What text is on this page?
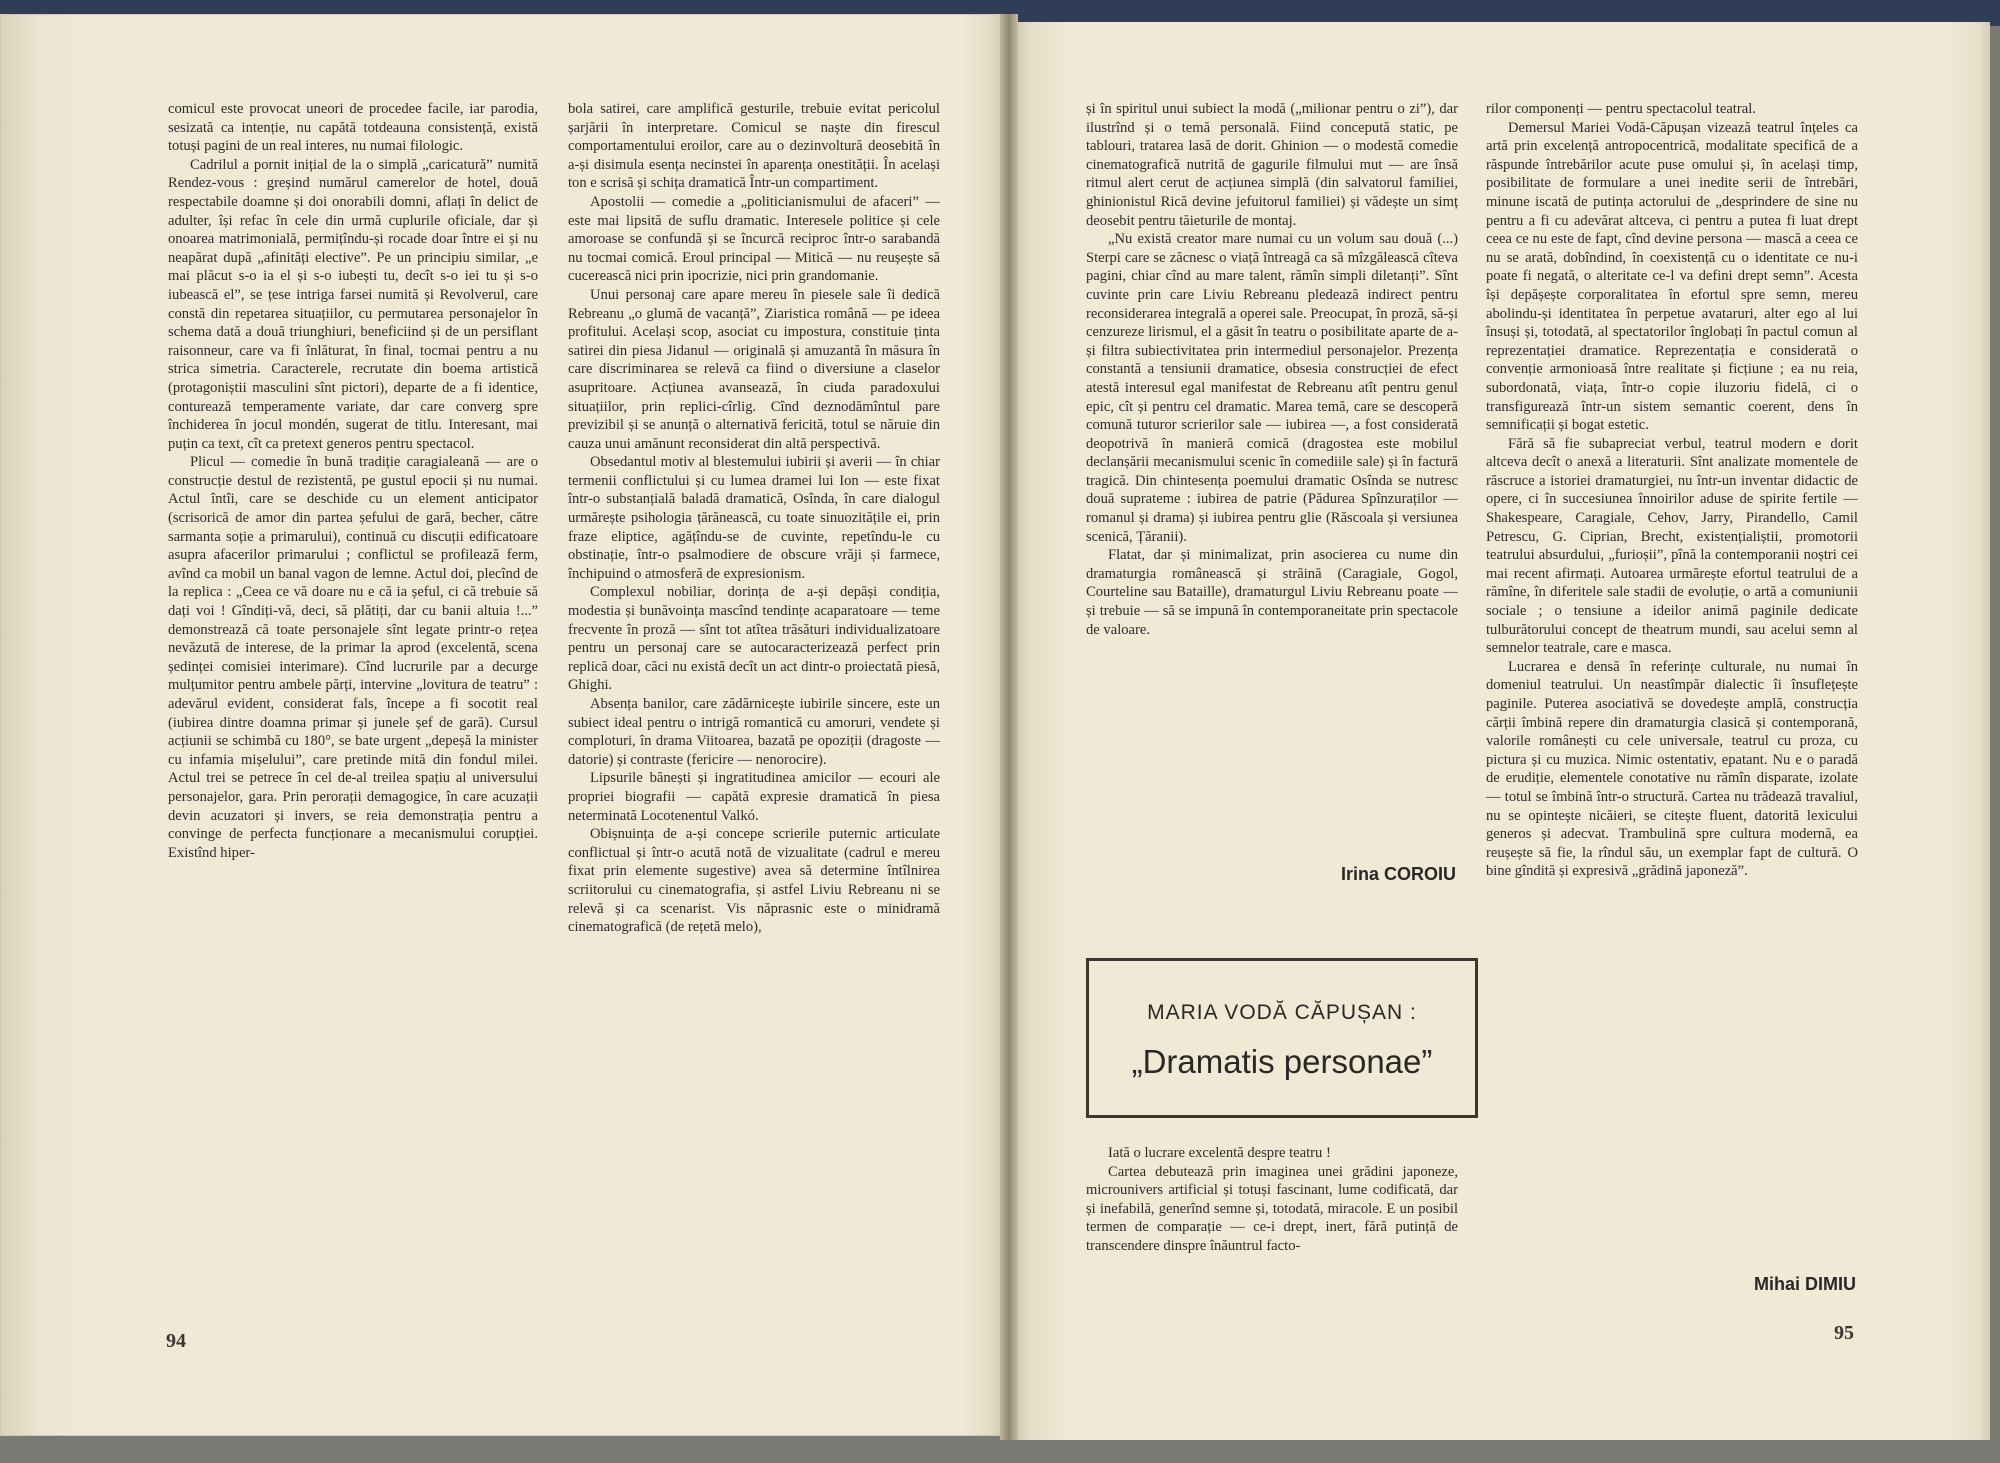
comicul este provocat uneori de procedee facile, iar parodia, sesizată ca intenție, nu capătă totdeauna consistență, există totuși pagini de un real interes, nu numai filologic.

Cadrilul a pornit inițial de la o simplă „caricatură” numită Rendez-vous : greșind numărul camerelor de hotel, două respectabile doamne și doi onorabili domni, aflați în delict de adulter, își refac în cele din urmă cuplurile oficiale, dar și onoarea matrimonială, permițîndu-și rocade doar între ei și nu neapărat după „afinități elective”. Pe un principiu similar, „e mai plăcut s-o ia el și s-o iubești tu, decît s-o iei tu și s-o iubească el”, se țese intriga farsei numită și Revolverul, care constă din repetarea situațiilor, cu permutarea personajelor în schema dată a două triunghiuri, beneficiind și de un persiflant raisonneur, care va fi înlăturat, în final, tocmai pentru a nu strica simetria. Caracterele, recrutate din boema artistică (protagoniștii masculini sînt pictori), departe de a fi identice, conturează temperamente variate, dar care converg spre închiderea în jocul mondén, sugerat de titlu. Interesant, mai puțin ca text, cît ca pretext generos pentru spectacol.

Plicul — comedie în bună tradiție caragialeană — are o construcție destul de rezistentă, pe gustul epocii și nu numai. Actul întîi, care se deschide cu un element anticipator (scrisorică de amor din partea șefului de gară, becher, către sarmanta soție a primarului), continuă cu discuții edificatoare asupra afacerilor primarului ; conflictul se profilează ferm, avînd ca mobil un banal vagon de lemne. Actul doi, plecînd de la replica : „Ceea ce vă doare nu e că ia șeful, ci că trebuie să dați voi ! Gîndiți-vă, deci, să plătiți, dar cu banii altuia !...” demonstrează că toate personajele sînt legate printr-o rețea nevăzută de interese, de la primar la aprod (excelentă, scena ședinței comisiei interimare). Cînd lucrurile par a decurge mulțumitor pentru ambele părți, intervine „lovitura de teatru” : adevărul evident, considerat fals, începe a fi socotit real (iubirea dintre doamna primar și junele șef de gară). Cursul acțiunii se schimbă cu 180°, se bate urgent „depeșă la minister cu infamia mișelului”, care pretinde mită din fondul milei. Actul trei se petrece în cel de-al treilea spațiu al universului personajelor, gara. Prin perorații demagogice, în care acuzații devin acuzatori și invers, se reia demonstrația pentru a convinge de perfecta funcționare a mecanismului corupției. Existînd hiper-

bola satirei, care amplifică gesturile, trebuie evitat pericolul șarjării în interpretare. Comicul se naște din firescul comportamentului eroilor, care au o dezinvoltură deosebită în a-și disimula esența necinstei în aparența onestității. În același ton e scrisă și schița dramatică Într-un compartiment.

Apostolii — comedie a „politicianismului de afaceri” — este mai lipsită de suflu dramatic. Interesele politice și cele amoroase se confundă și se încurcă reciproc într-o sarabandă nu tocmai comică. Eroul principal — Mitică — nu reușește să cucerească nici prin ipocrizie, nici prin grandomanie.

Unui personaj care apare mereu în piesele sale îi dedică Rebreanu „o glumă de vacanță”, Ziaristica română — pe ideea profitului. Același scop, asociat cu impostura, constituie ținta satirei din piesa Jidanul — originală și amuzantă în măsura în care discriminarea se relevă ca fiind o diversiune a claselor asupritoare. Acțiunea avansează, în ciuda paradoxului situațiilor, prin replici-cîrlig. Cînd deznodămîntul pare previzibil și se anunță o alternativă fericită, totul se năruie din cauza unui amănunt reconsiderat din altă perspectivă.

Obsedantul motiv al blestemului iubirii și averii — în chiar termenii conflictului și cu lumea dramei lui Ion — este fixat într-o substanțială baladă dramatică, Osînda, în care dialogul urmărește psihologia țărănească, cu toate sinuozitățile ei, prin fraze eliptice, agățîndu-se de cuvinte, repetîndu-le cu obstinație, într-o psalmodiere de obscure vrăji și farmece, închipuind o atmosferă de expresionism.

Complexul nobiliar, dorința de a-și depăși condiția, modestia și bunăvoința mascînd tendințe acaparatoare — teme frecvente în proză — sînt tot atîtea trăsături individualizatoare pentru un personaj care se autocaracterizează perfect prin replică doar, căci nu există decît un act dintr-o proiectată piesă, Ghighi.

Absența banilor, care zădărnicește iubirile sincere, este un subiect ideal pentru o intrigă romantică cu amoruri, vendete și comploturi, în drama Viitoarea, bazată pe opoziții (dragoste — datorie) și contraste (fericire — nenorocire).

Lipsurile bănești și ingratitudinea amicilor — ecouri ale propriei biografii — capătă expresie dramatică în piesa neterminată Locotenentul Valkó.

Obișnuința de a-și concepe scrierile puternic articulate conflictual și într-o acută notă de vizualitate (cadrul e mereu fixat prin elemente sugestive) avea să determine întîlnirea scriitorului cu cinematografia, și astfel Liviu Rebreanu ni se relevă și ca scenarist. Vis năprasnic este o minidramă cinematografică (de rețetă melo),

94

și în spiritul unui subiect la modă („milionar pentru o zi”), dar ilustrînd și o temă personală. Fiind concepută static, pe tablouri, tratarea lasă de dorit. Ghinion — o modestă comedie cinematografică nutrită de gagurile filmului mut — are însă ritmul alert cerut de acțiunea simplă (din salvatorul familiei, ghinionistul Rică devine jefuitorul familiei) și vădește un simț deosebit pentru tăieturile de montaj.

„Nu există creator mare numai cu un volum sau două (...) Sterpi care se zăcnesc o viață întreagă ca să mîzgălească cîteva pagini, chiar cînd au mare talent, rămîn simpli diletanți”. Sînt cuvinte prin care Liviu Rebreanu pledează indirect pentru reconsiderarea integrală a operei sale. Preocupat, în proză, să-și cenzureze lirismul, el a găsit în teatru o posibilitate aparte de a-și filtra subiectivitatea prin intermediul personajelor. Prezența constantă a tensiunii dramatice, obsesia construcției de efect atestă interesul egal manifestat de Rebreanu atît pentru genul epic, cît și pentru cel dramatic. Marea temă, care se descoperă comună tuturor scrierilor sale — iubirea —, a fost considerată deopotrivă în manieră comică (dragostea este mobilul declanșării mecanismului scenic în comediile sale) și în factură tragică. Din chintesența poemului dramatic Osînda se nutresc două suprateme : iubirea de patrie (Pădurea Spînzuraților — romanul și drama) și iubirea pentru glie (Răscoala și versiunea scenică, Țăranii).

Flatat, dar și minimalizat, prin asocierea cu nume din dramaturgia românească și străină (Caragiale, Gogol, Courteline sau Bataille), dramaturgul Liviu Rebreanu poate — și trebuie — să se impună în contemporaneitate prin spectacole de valoare.

Irina COROIU
MARIA VODĂ CĂPUȘAN :
„Dramatis personae”

Iată o lucrare excelentă despre teatru !

Cartea debutează prin imaginea unei grădini japoneze, microunivers artificial și totuși fascinant, lume codificată, dar și inefabilă, generînd semne și, totodată, miracole. E un posibil termen de comparație — ce-i drept, inert, fără putință de transcendere dinspre înăuntrul facto-

rilor componenți — pentru spectacolul teatral.

Demersul Mariei Vodă-Căpușan vizează teatrul înțeles ca artă prin excelență antropocentrică, modalitate specifică de a răspunde întrebărilor acute puse omului și, în același timp, posibilitate de formulare a unei inedite serii de întrebări, minune iscată de putința actorului de „desprindere de sine nu pentru a fi cu adevărat altceva, ci pentru a putea fi luat drept ceea ce nu este de fapt, cînd devine persona — mască a ceea ce nu se arată, dobîndind, în coexistență cu o identitate ce nu-i poate fi negată, o alteritate ce-l va defini drept semn”. Acesta își depășește corporalitatea în efortul spre semn, mereu abolindu-și identitatea în perpetue avataruri, alter ego al lui însuși și, totodată, al spectatorilor înglobați în pactul comun al reprezentației dramatice. Reprezentația e considerată o convenție armonioasă între realitate și ficțiune ; ea nu reia, subordonată, viața, într-o copie iluzoriu fidelă, ci o transfigurează într-un sistem semantic coerent, dens în semnificații și bogat estetic.

Fără să fie subapreciat verbul, teatrul modern e dorit altceva decît o anexă a literaturii. Sînt analizate momentele de răscruce a istoriei dramaturgiei, nu într-un inventar didactic de opere, ci în succesiunea înnoirilor aduse de spirite fertile — Shakespeare, Caragiale, Cehov, Jarry, Pirandello, Camil Petrescu, G. Ciprian, Brecht, existențialiștii, promotorii teatrului absurdului, „furioșii”, pînă la contemporanii noștri cei mai recent afirmați. Autoarea urmărește efortul teatrului de a rămîne, în diferitele sale stadii de evoluție, o artă a comuniunii sociale ; o tensiune a ideilor animă paginile dedicate tulburătorului concept de theatrum mundi, sau acelui semn al semnelor teatrale, care e masca.

Lucrarea e densă în referințe culturale, nu numai în domeniul teatrului. Un neastîmpăr dialectic îi însuflețește paginile. Puterea asociativă se dovedește amplă, construcția cărții îmbină repere din dramaturgia clasică și contemporană, valorile românești cu cele universale, teatrul cu proza, cu pictura și cu muzica. Nimic ostentativ, epatant. Nu e o paradă de erudiție, elementele conotative nu rămîn disparate, izolate — totul se îmbină într-o structură. Cartea nu trădează travaliul, nu se opintește nicăieri, se citește fluent, datorită lexicului generos și adecvat. Trambulină spre cultura modernă, ea reușește să fie, la rîndul său, un exemplar fapt de cultură. O bine gîndită și expresivă „grădină japoneză”.

Mihai DIMIU
95
